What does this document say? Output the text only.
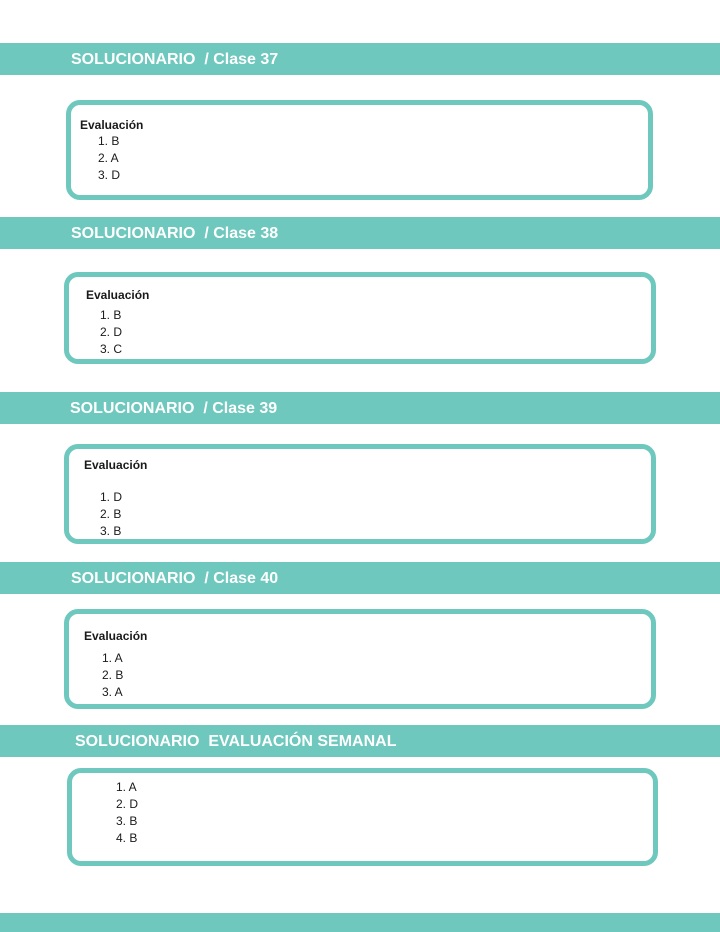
SOLUCIONARIO  / Clase 37
Evaluación
1. B
2. A
3. D
SOLUCIONARIO  / Clase 38
Evaluación
1. B
2. D
3. C
SOLUCIONARIO  / Clase 39
Evaluación
1. D
2. B
3. B
SOLUCIONARIO  / Clase 40
Evaluación
1. A
2. B
3. A
SOLUCIONARIO  EVALUACIÓN SEMANAL
1. A
2. D
3. B
4. B
